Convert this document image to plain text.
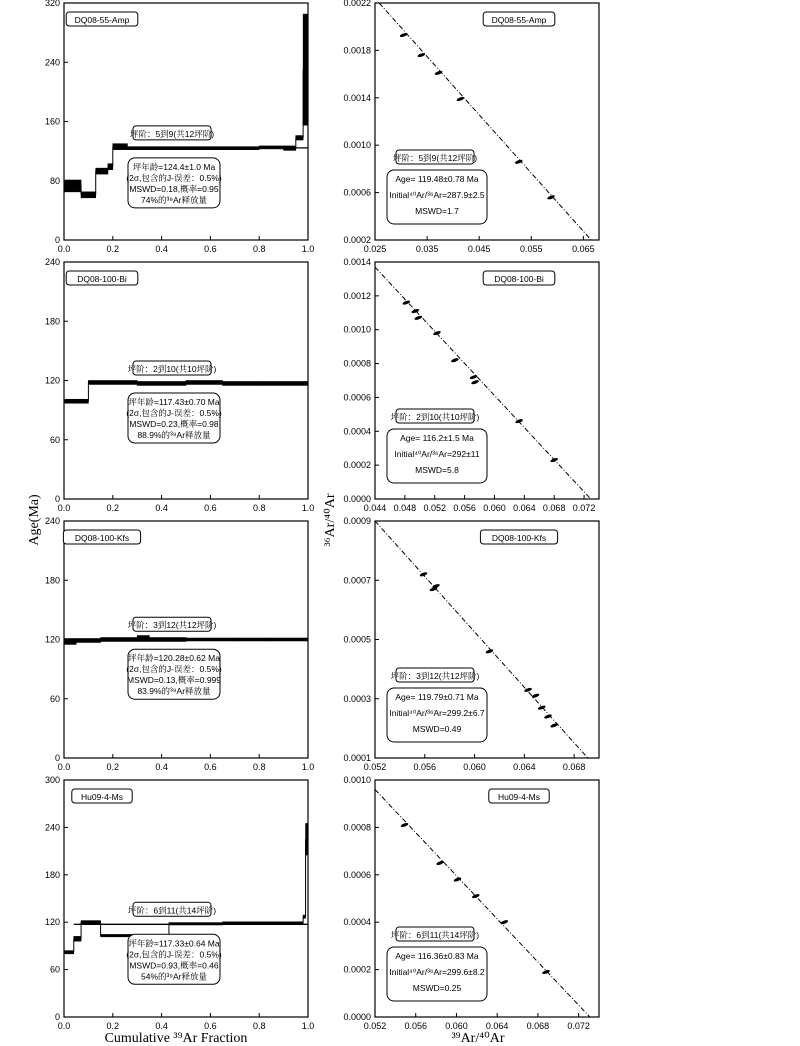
0.0	0.2	0.4	0.6	0.8	1.0
0
80
160
240
320
DQ08-55-Amp
坪阶：5到9(共12坪阶)
坪年龄=124.4±1.0 Ma
(2σ,包含的J-误差：0.5%)
MSWD=0.18,概率=0.95
74%的³⁹Ar释放量
0.025	0.035	0.045	0.055	0.065
0.0002
0.0006
0.0010
0.0014
0.0018
0.0022
DQ08-55-Amp
坪阶：5到9(共12坪阶)
Age= 119.48±0.78 Ma
Initial⁴⁰Ar/³⁶Ar=287.9±2.5
MSWD=1.7
0.0	0.2	0.4	0.6	0.8	1.0
0
60
120
180
240
DQ08-100-Bi
坪阶：2到10(共10坪阶)
坪年龄=117.43±0.70 Ma
(2σ,包含的J-误差：0.5%)
MSWD=0.23,概率=0.98
88.9%的³⁹Ar释放量
0.044 0.048 0.052 0.056 0.060 0.064 0.068 0.072
0.0000
0.0002
0.0004
0.0006
0.0008
0.0010
0.0012
0.0014
DQ08-100-Bi
坪阶：2到10(共10坪阶)
Age= 116.2±1.5 Ma
Initial⁴⁰Ar/³⁶Ar=292±11
MSWD=5.8
0.0	0.2	0.4	0.6	0.8	1.0
0
60
120
180
240
DQ08-100-Kfs
坪阶：3到12(共12坪阶)
坪年龄=120.28±0.62 Ma
(2σ,包含的J-误差：0.5%)
MSWD=0.13,概率=0.999
83.9%的³⁹Ar释放量
0.052	0.056	0.060	0.064	0.068
0.0001
0.0003
0.0005
0.0007
0.0009
DQ08-100-Kfs
坪阶：3到12(共12坪阶)
Age= 119.79±0.71 Ma
Initial⁴⁰Ar/³⁶Ar=299.2±6.7
MSWD=0.49
0.0	0.2	0.4	0.6	0.8	1.0
0
60
120
180
240
300
Hu09-4-Ms
坪阶：6到11(共14坪阶)
坪年龄=117.33±0.64 Ma
(2σ,包含的J-误差：0.5%)
MSWD=0.93,概率=0.46
54%的³⁹Ar释放量
0.052 0.056 0.060 0.064 0.068 0.072
0.0000
0.0002
0.0004
0.0006
0.0008
0.0010
Hu09-4-Ms
坪阶：6到11(共14坪阶)
Age= 116.36±0.83 Ma
Initial⁴⁰Ar/³⁶Ar=299.6±8.2
MSWD=0.25
Age(Ma)
Cumulative ³⁹Ar Fraction
³⁶Ar/⁴⁰Ar
³⁹Ar/⁴⁰Ar
